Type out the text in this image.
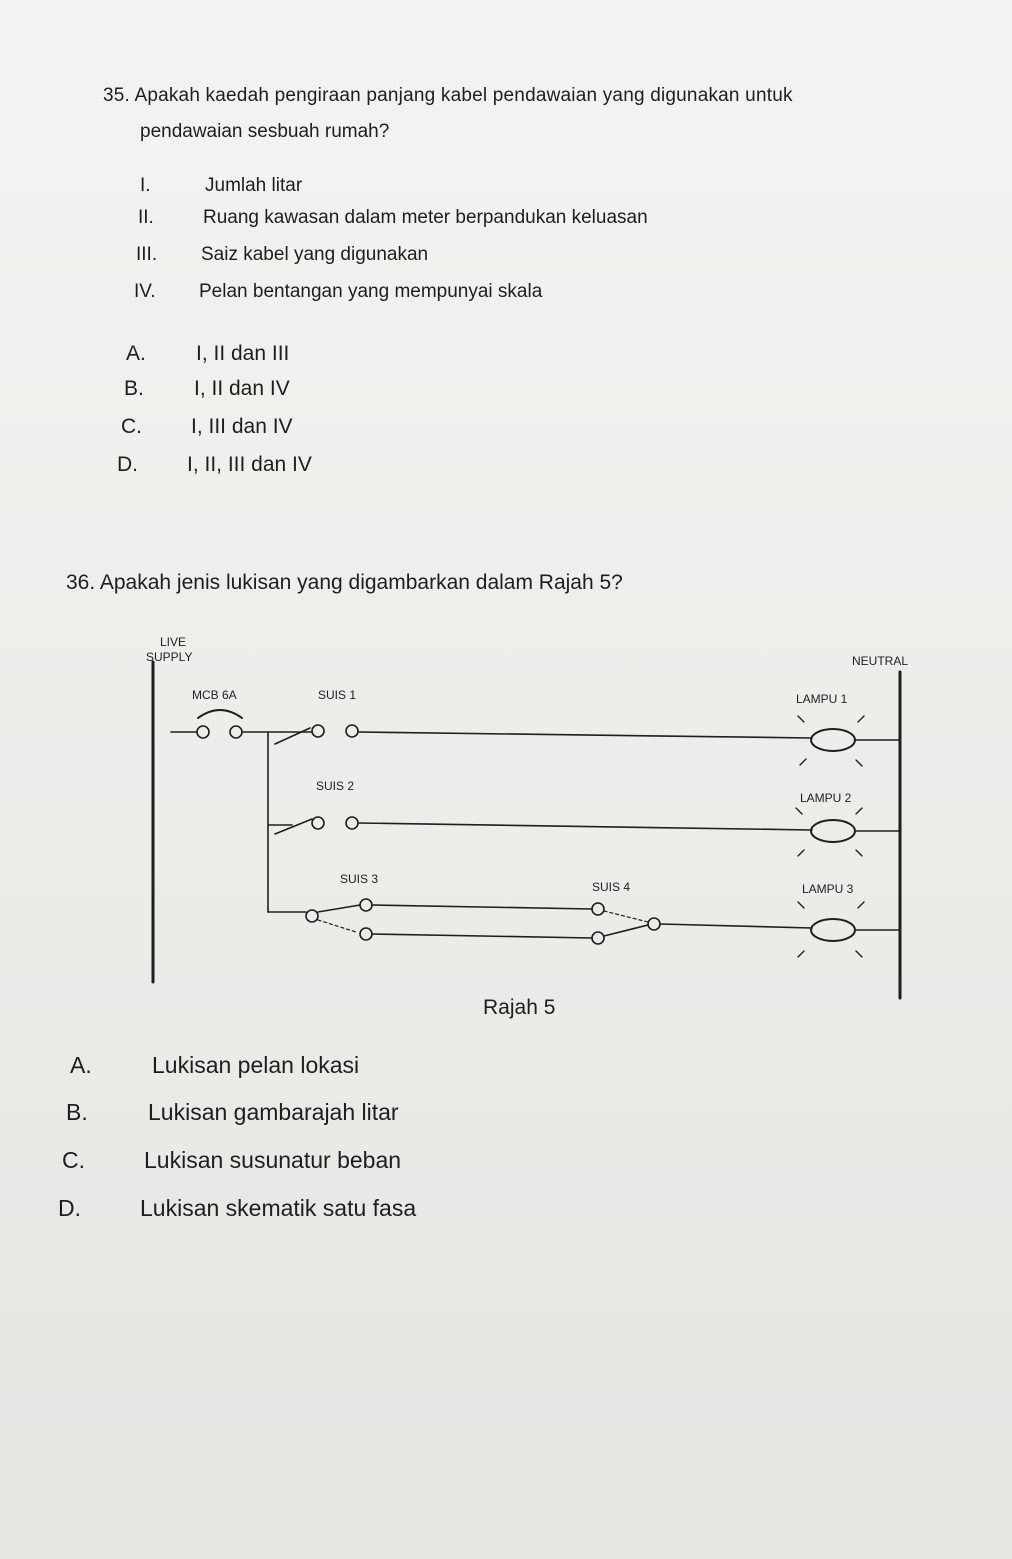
35. Apakah kaedah pengiraan panjang kabel pendawaian yang digunakan untuk
pendawaian sesbuah rumah?
I.	Jumlah litar
II.	Ruang kawasan dalam meter berpandukan keluasan
III. Saiz kabel yang digunakan
IV. Pelan bentangan yang mempunyai skala
A. I, II dan III
B. I, II dan IV
C. I, III dan IV
D. I, II, III dan IV
36. Apakah jenis lukisan yang digambarkan dalam Rajah 5?
LIVE
SUPPLY	NEUTRAL
MCB 6A	SUIS 1
SUIS 2
SUIS 3
SUIS 4
LAMPU 1
LAMPU 2
LAMPU 3
Rajah 5
A.	Lukisan pelan lokasi
B.	Lukisan gambarajah litar
C.	Lukisan susunatur beban
D.	Lukisan skematik satu fasa
